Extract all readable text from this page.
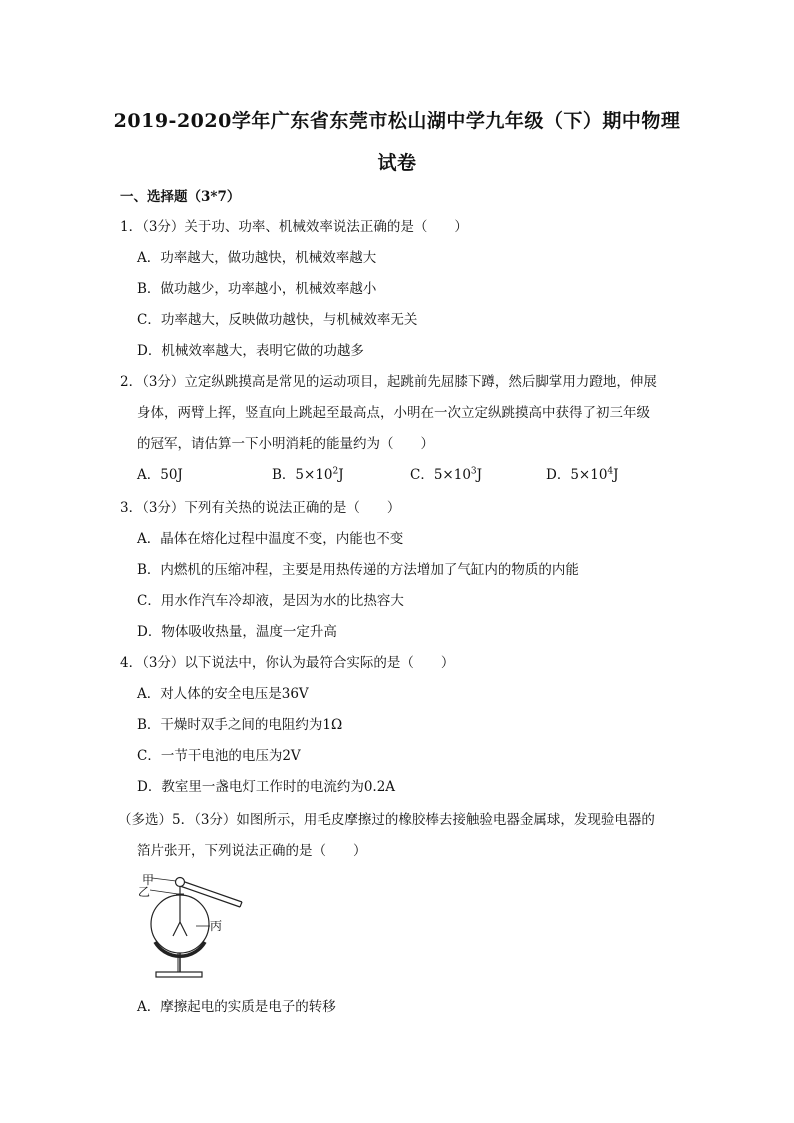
2019-2020学年广东省东莞市松山湖中学九年级（下）期中物理
试卷
一、选择题（3*7）
1．（3分）关于功、功率、机械效率说法正确的是（　　）
A．功率越大，做功越快，机械效率越大
B．做功越少，功率越小，机械效率越小
C．功率越大，反映做功越快，与机械效率无关
D．机械效率越大，表明它做的功越多
2．（3分）立定纵跳摸高是常见的运动项目，起跳前先屈膝下蹲，然后脚掌用力蹬地，伸展
身体，两臂上挥，竖直向上跳起至最高点，小明在一次立定纵跳摸高中获得了初三年级
的冠军，请估算一下小明消耗的能量约为（　　）
A．50J	B．$5\times 10^2J$	C．$5\times 10^3J$	D．$5\times 10^4J$
3．（3分）下列有关热的说法正确的是（　　）
A．晶体在熔化过程中温度不变，内能也不变
B．内燃机的压缩冲程，主要是用热传递的方法增加了气缸内的物质的内能
C．用水作汽车冷却液，是因为水的比热容大
D．物体吸收热量，温度一定升高
4．（3分）以下说法中，你认为最符合实际的是（　　）
A．对人体的安全电压是36V
B．干燥时双手之间的电阻约为1Ω
C．一节干电池的电压为2V
D．教室里一盏电灯工作时的电流约为0.2A
（多选）5．（3分）如图所示，用毛皮摩擦过的橡胶棒去接触验电器金属球，发现验电器的
箔片张开，下列说法正确的是（　　）
甲
乙
丙
A．摩擦起电的实质是电子的转移
